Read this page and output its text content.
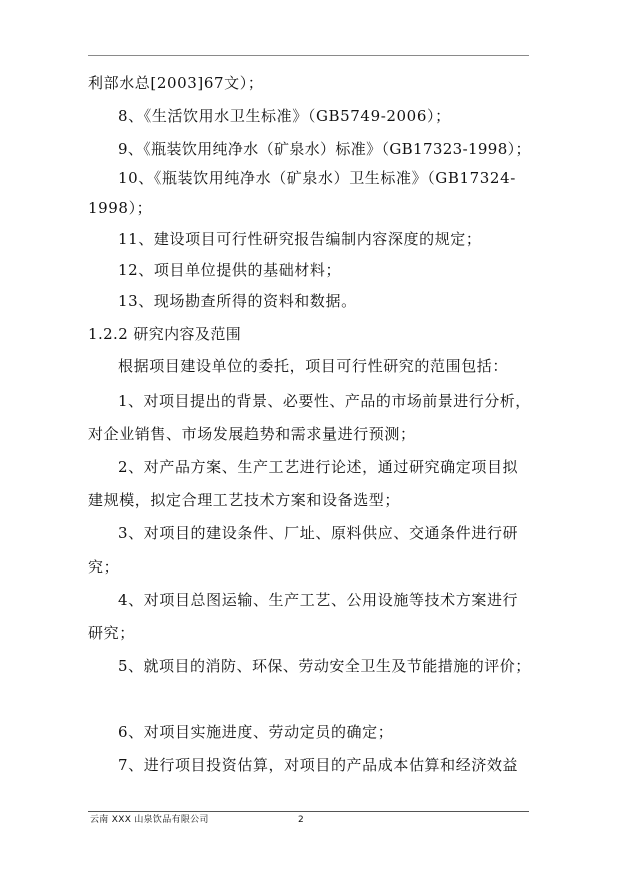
利部水总[2003]67文）；
8、《生活饮用水卫生标准》（GB5749-2006）；
9、《瓶装饮用纯净水（矿泉水）标准》（GB17323-1998）；
10、《瓶装饮用纯净水（矿泉水）卫生标准》（GB17324-
1998）；
11、建设项目可行性研究报告编制内容深度的规定；
12、项目单位提供的基础材料；
13、现场勘查所得的资料和数据。
1.2.2 研究内容及范围
根据项目建设单位的委托，项目可行性研究的范围包括：
1、对项目提出的背景、必要性、产品的市场前景进行分析，
对企业销售、市场发展趋势和需求量进行预测；
2、对产品方案、生产工艺进行论述，通过研究确定项目拟
建规模，拟定合理工艺技术方案和设备选型；
3、对项目的建设条件、厂址、原料供应、交通条件进行研
究；
4、对项目总图运输、生产工艺、公用设施等技术方案进行
研究；
5、就项目的消防、环保、劳动安全卫生及节能措施的评价；
6、对项目实施进度、劳动定员的确定；
7、进行项目投资估算，对项目的产品成本估算和经济效益
云南 XXX 山泉饮品有限公司	2
